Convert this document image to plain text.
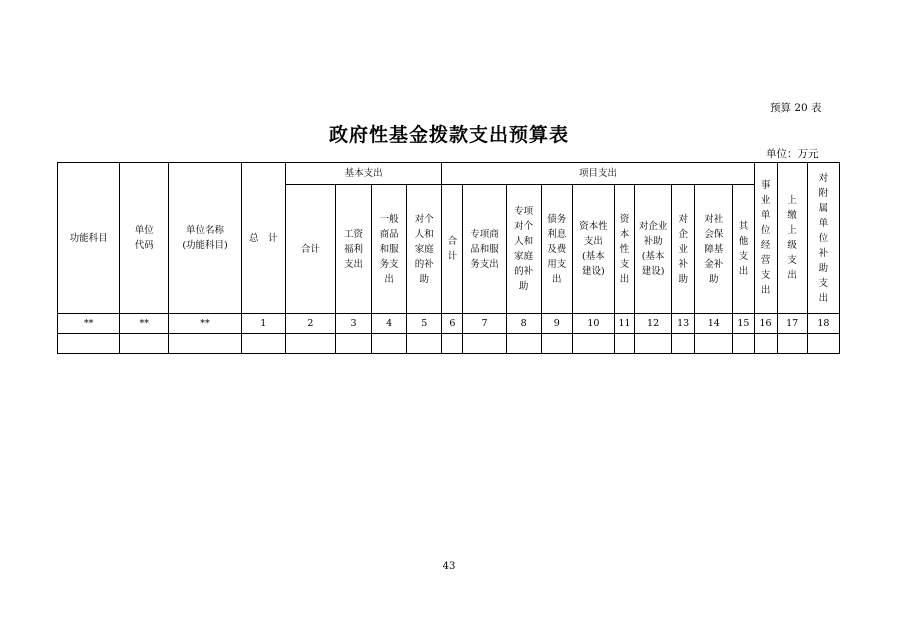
预算 20 表
政府性基金拨款支出预算表
单位：万元
功能科目	单位代码	单位名称(功能科目)	总　计	基本支出				项目支出										事业单位经营支出	上缴上级支出	对附属单位补助支出
				合计	工资福利支出	一般商品和服务支出	对个人和家庭的补助	合计	专项商品和服务支出	专项对个人和家庭的补助	债务利息及费用支出	资本性支出(基本建设)	资本性支出	对企业补助(基本建设)	对企业补助	对社会保障基金补助	其他支出			
**	**	**	1	2	3	4	5	6	7	8	9	10	11	12	13	14	15	16	17	18

43
